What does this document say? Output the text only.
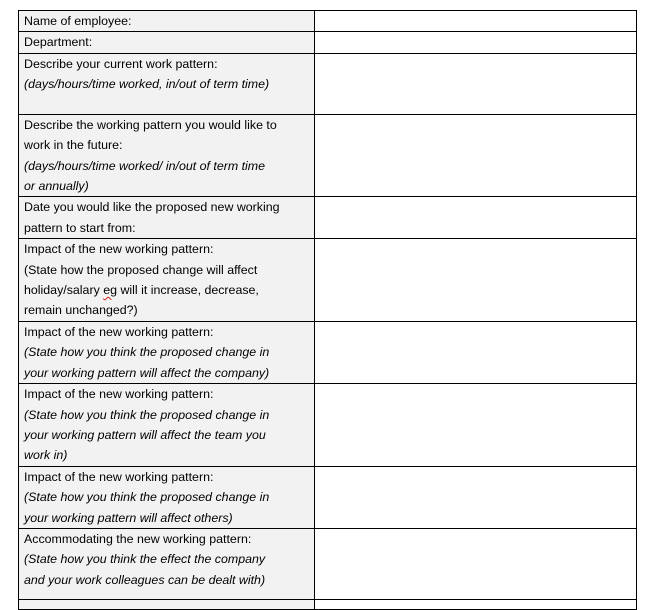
Name of employee:	

Department:	

Describe your current work pattern:
(days/hours/time worked, in/out of term time)	

Describe the working pattern you would like to
work in the future:
(days/hours/time worked/ in/out of term time
or annually)	

Date you would like the proposed new working
pattern to start from:	

Impact of the new working pattern:
(State how the proposed change will affect
holiday/salary eg will it increase, decrease,
remain unchanged?)	

Impact of the new working pattern:
(State how you think the proposed change in
your working pattern will affect the company)	

Impact of the new working pattern:
(State how you think the proposed change in
your working pattern will affect the team you
work in)	

Impact of the new working pattern:
(State how you think the proposed change in
your working pattern will affect others)	

Accommodating the new working pattern:
(State how you think the effect the company
and your work colleagues can be dealt with)	
